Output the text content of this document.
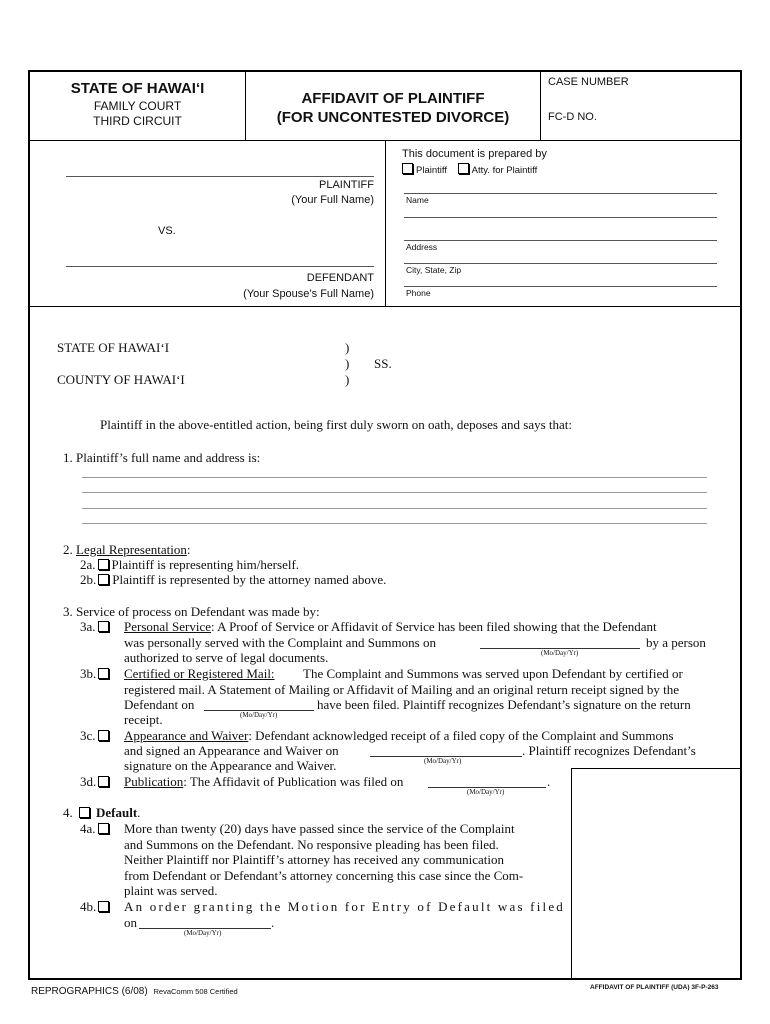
STATE OF HAWAI‘I
FAMILY COURT
THIRD CIRCUIT
AFFIDAVIT OF PLAINTIFF
(FOR UNCONTESTED DIVORCE)
CASE NUMBER
FC-D NO.
PLAINTIFF
(Your Full Name)
VS.
DEFENDANT
(Your Spouse’s Full Name)
This document is prepared by
Plaintiff	Atty. for Plaintiff
Name
Address
City, State, Zip
Phone
STATE OF HAWAI‘I
COUNTY OF HAWAI‘I
)
)
)
SS.
Plaintiff in the above-entitled action, being first duly sworn on oath, deposes and says that:
1. Plaintiff’s full name and address is:
2. Legal Representation:
2a. Plaintiff is representing him/herself.
2b. Plaintiff is represented by the attorney named above.
3. Service of process on Defendant was made by:
3a.	Personal Service: A Proof of Service or Affidavit of Service has been filed showing that the Defendant
was personally served with the Complaint and Summons on
(Mo/Day/Yr)
by a person
authorized to serve of legal documents.
3b.	Certified or Registered Mail: The Complaint and Summons was served upon Defendant by certified or
registered mail. A Statement of Mailing or Affidavit of Mailing and an original return receipt signed by the
Defendant on
(Mo/Day/Yr)
have been filed. Plaintiff recognizes Defendant’s signature on the return
receipt.
3c.	Appearance and Waiver: Defendant acknowledged receipt of a filed copy of the Complaint and Summons
and signed an Appearance and Waiver on
(Mo/Day/Yr)
. Plaintiff recognizes Defendant’s
signature on the Appearance and Waiver.
3d.	Publication: The Affidavit of Publication was filed on
(Mo/Day/Yr)
.
4. Default.
4a.	More than twenty (20) days have passed since the service of the Complaint
and Summons on the Defendant. No responsive pleading has been filed.
Neither Plaintiff nor Plaintiff’s attorney has received any communication
from Defendant or Defendant’s attorney concerning this case since the Com-
plaint was served.
4b.	An order granting the Motion for Entry of Default was filed
on
(Mo/Day/Yr)
.
REPROGRAPHICS (6/08) RevaComm 508 Certified	AFFIDAVIT OF PLAINTIFF (UDA) 3F-P-263
